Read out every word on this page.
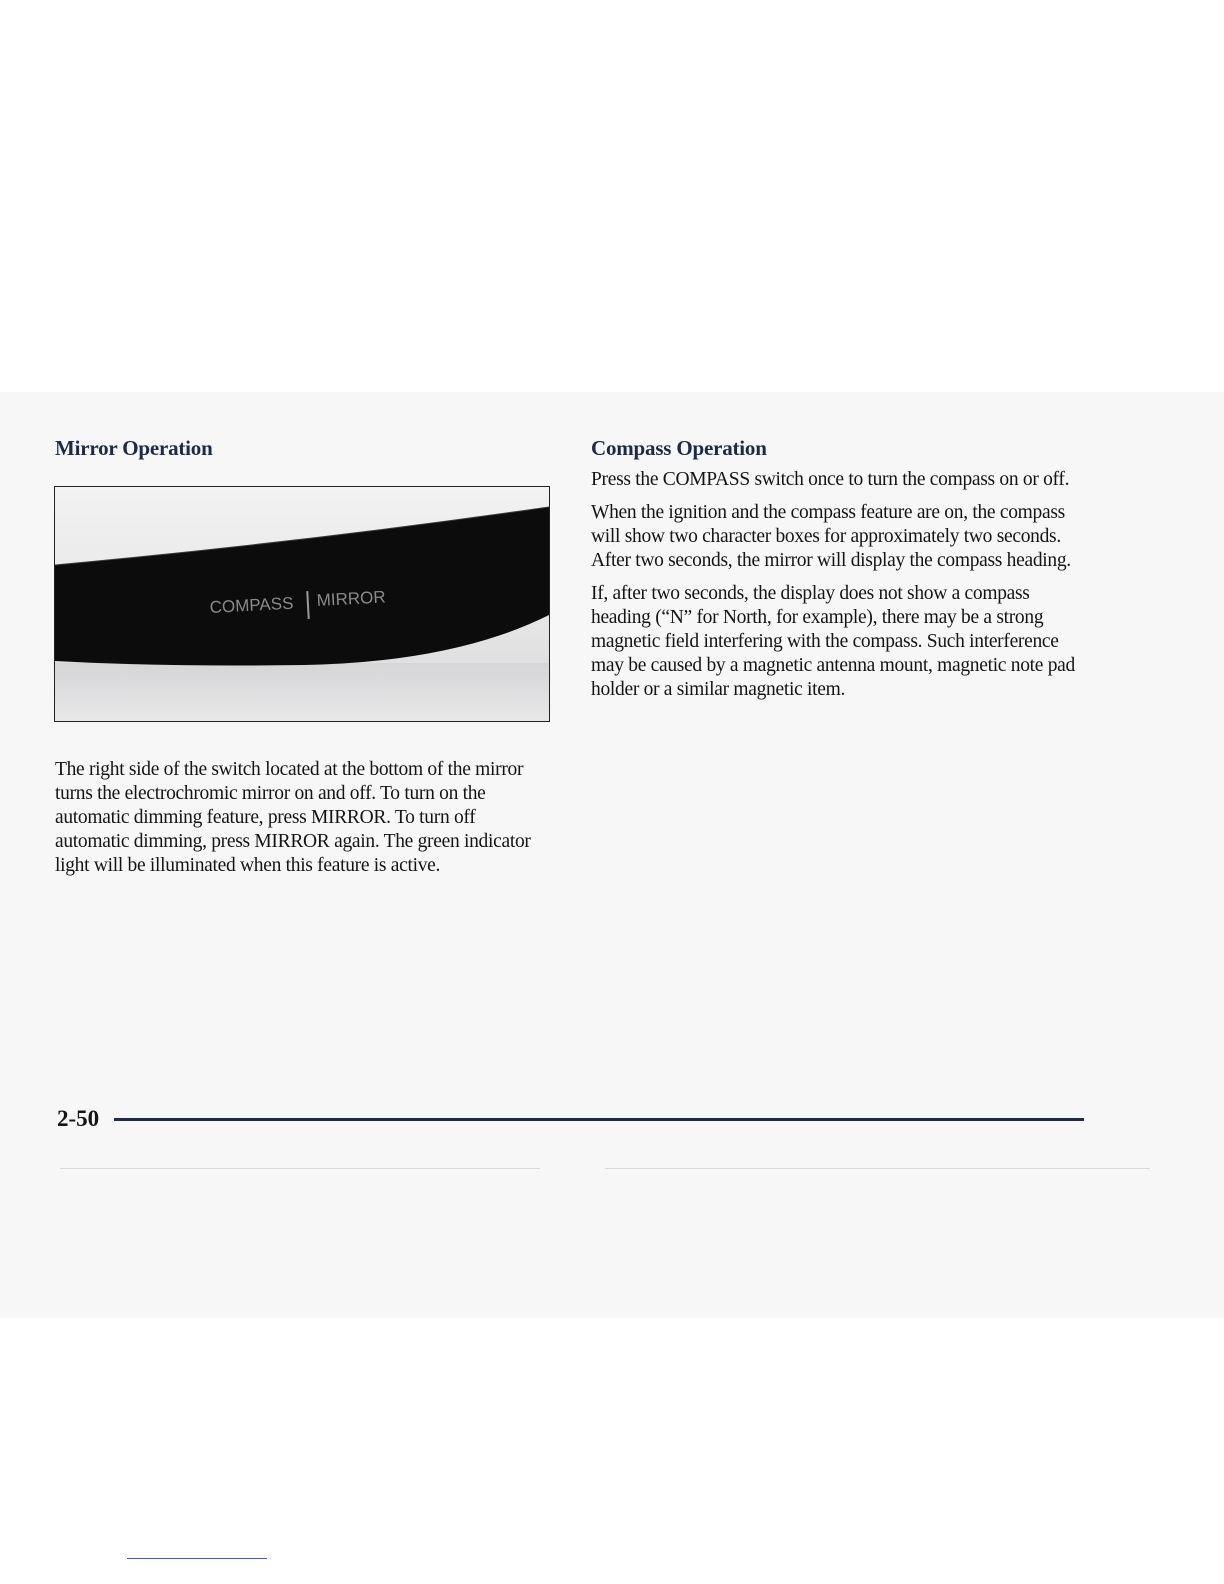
Mirror Operation
COMPASS MIRROR

The right side of the switch located at the bottom of the mirror turns the electrochromic mirror on and off. To turn on the automatic dimming feature, press MIRROR. To turn off automatic dimming, press MIRROR again. The green indicator light will be illuminated when this feature is active.

Compass Operation

Press the COMPASS switch once to turn the compass on or off.

When the ignition and the compass feature are on, the compass will show two character boxes for approximately two seconds. After two seconds, the mirror will display the compass heading.

If, after two seconds, the display does not show a compass heading (“N” for North, for example), there may be a strong magnetic field interfering with the compass. Such interference may be caused by a magnetic antenna mount, magnetic note pad holder or a similar magnetic item.

2-50
